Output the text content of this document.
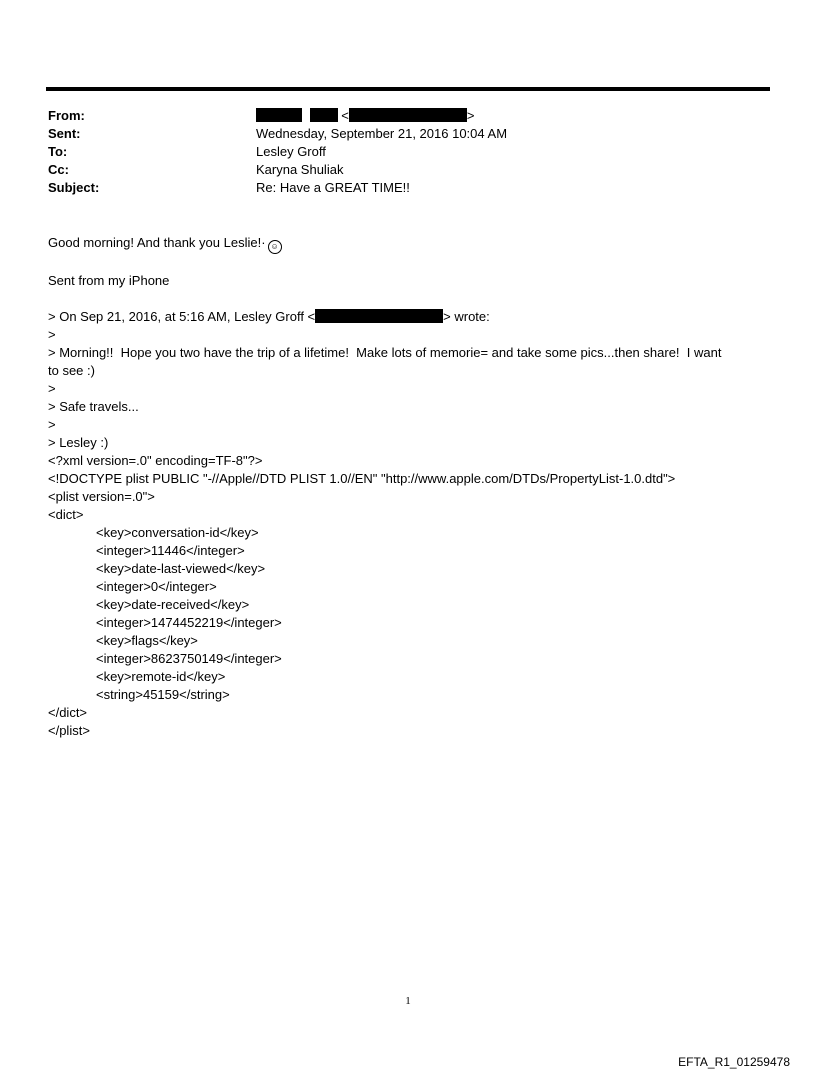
From:	<	>
Sent:	Wednesday, September 21, 2016 10:04 AM
To:	Lesley Groff
Cc:	Karyna Shuliak
Subject:	Re: Have a GREAT TIME!!
Good morning! And thank you Leslie!· ☺
Sent from my iPhone
> On Sep 21, 2016, at 5:16 AM, Lesley Groff <	> wrote:
>
> Morning!!  Hope you two have the trip of a lifetime!  Make lots of memorie= and take some pics...then share!  I want
to see :)
>
> Safe travels...
>
> Lesley :)
<?xml version=.0" encoding=TF-8"?>
<!DOCTYPE plist PUBLIC "-//Apple//DTD PLIST 1.0//EN" "http://www.apple.com/DTDs/PropertyList-1.0.dtd">
<plist version=.0">
<dict>
<key>conversation-id</key>
<integer>11446</integer>
<key>date-last-viewed</key>
<integer>0</integer>
<key>date-received</key>
<integer>1474452219</integer>
<key>flags</key>
<integer>8623750149</integer>
<key>remote-id</key>
<string>45159</string>
</dict>
</plist>
1
EFTA_R1_01259478
